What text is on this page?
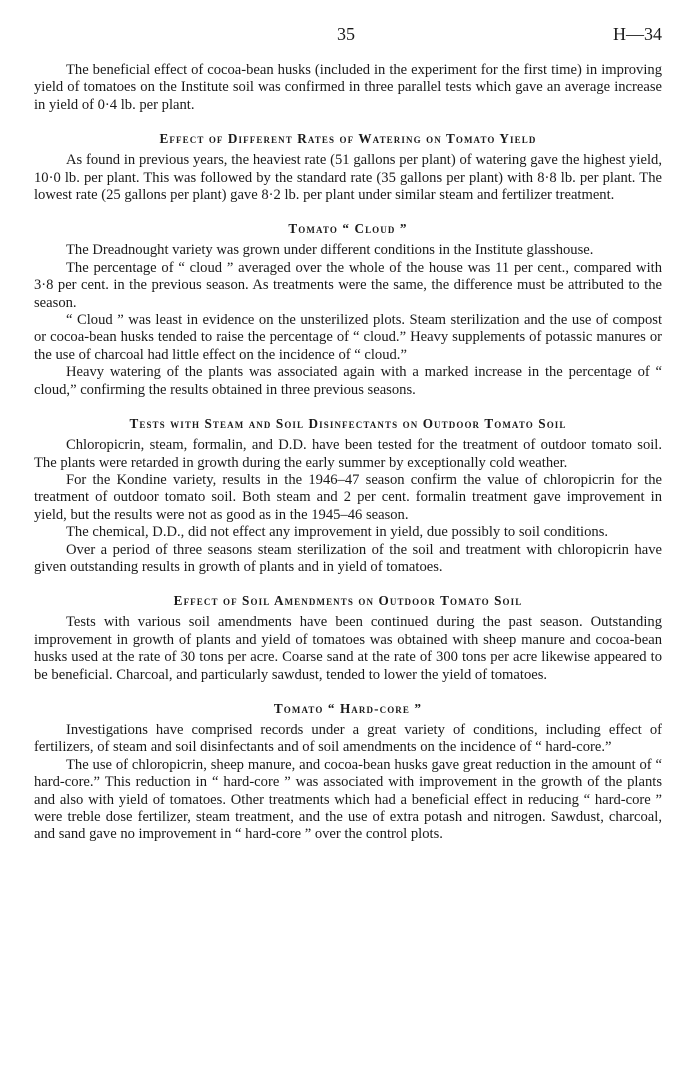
35	H—34

The beneficial effect of cocoa-bean husks (included in the experiment for the first time) in improving yield of tomatoes on the Institute soil was confirmed in three parallel tests which gave an average increase in yield of 0·4 lb. per plant.

Effect of Different Rates of Watering on Tomato Yield

As found in previous years, the heaviest rate (51 gallons per plant) of watering gave the highest yield, 10·0 lb. per plant. This was followed by the standard rate (35 gallons per plant) with 8·8 lb. per plant. The lowest rate (25 gallons per plant) gave 8·2 lb. per plant under similar steam and fertilizer treatment.

Tomato “ Cloud ”

The Dreadnought variety was grown under different conditions in the Institute glasshouse.

The percentage of “ cloud ” averaged over the whole of the house was 11 per cent., compared with 3·8 per cent. in the previous season. As treatments were the same, the difference must be attributed to the season.

“ Cloud ” was least in evidence on the unsterilized plots. Steam sterilization and the use of compost or cocoa-bean husks tended to raise the percentage of “ cloud.” Heavy supplements of potassic manures or the use of charcoal had little effect on the incidence of “ cloud.”

Heavy watering of the plants was associated again with a marked increase in the percentage of “ cloud,” confirming the results obtained in three previous seasons.

Tests with Steam and Soil Disinfectants on Outdoor Tomato Soil

Chloropicrin, steam, formalin, and D.D. have been tested for the treatment of outdoor tomato soil. The plants were retarded in growth during the early summer by exceptionally cold weather.

For the Kondine variety, results in the 1946–47 season confirm the value of chloropicrin for the treatment of outdoor tomato soil. Both steam and 2 per cent. formalin treatment gave improvement in yield, but the results were not as good as in the 1945–46 season.

The chemical, D.D., did not effect any improvement in yield, due possibly to soil conditions.

Over a period of three seasons steam sterilization of the soil and treatment with chloropicrin have given outstanding results in growth of plants and in yield of tomatoes.

Effect of Soil Amendments on Outdoor Tomato Soil

Tests with various soil amendments have been continued during the past season. Outstanding improvement in growth of plants and yield of tomatoes was obtained with sheep manure and cocoa-bean husks used at the rate of 30 tons per acre. Coarse sand at the rate of 300 tons per acre likewise appeared to be beneficial. Charcoal, and particularly sawdust, tended to lower the yield of tomatoes.

Tomato “ Hard-core ”

Investigations have comprised records under a great variety of conditions, including effect of fertilizers, of steam and soil disinfectants and of soil amendments on the incidence of “ hard-core.”

The use of chloropicrin, sheep manure, and cocoa-bean husks gave great reduction in the amount of “ hard-core.” This reduction in “ hard-core ” was associated with improvement in the growth of the plants and also with yield of tomatoes. Other treatments which had a beneficial effect in reducing “ hard-core ” were treble dose fertilizer, steam treatment, and the use of extra potash and nitrogen. Sawdust, charcoal, and sand gave no improvement in “ hard-core ” over the control plots.
